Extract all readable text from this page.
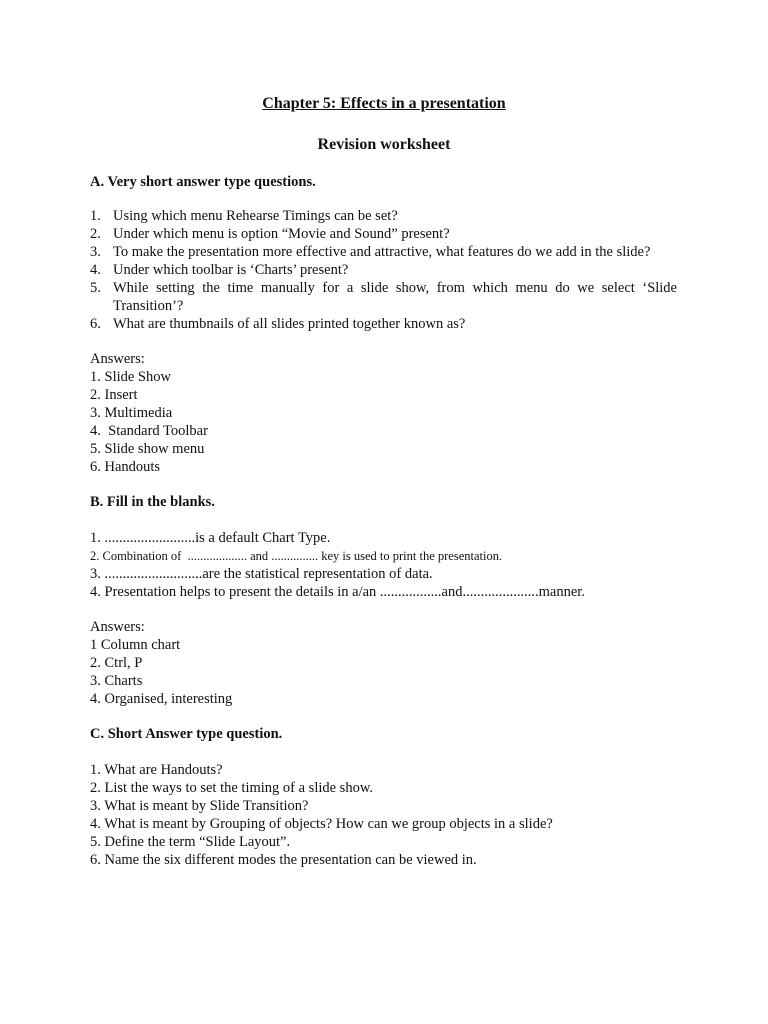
Chapter 5: Effects in a presentation
Revision worksheet
A. Very short answer type questions.
1. Using which menu Rehearse Timings can be set?
2. Under which menu is option “Movie and Sound” present?
3. To make the presentation more effective and attractive, what features do we add in the slide?
4. Under which toolbar is ‘Charts’ present?
5. While setting the time manually for a slide show, from which menu do we select ‘Slide
Transition’?
6. What are thumbnails of all slides printed together known as?
Answers:
1. Slide Show
2. Insert
3. Multimedia
4.  Standard Toolbar
5. Slide show menu
6. Handouts
B. Fill in the blanks.
1. .........................is a default Chart Type.
2. Combination of  ................... and ............... key is used to print the presentation.
3. ...........................are the statistical representation of data.
4. Presentation helps to present the details in a/an .................and.....................manner.
Answers:
1 Column chart
2. Ctrl, P
3. Charts
4. Organised, interesting
C. Short Answer type question.
1. What are Handouts?
2. List the ways to set the timing of a slide show.
3. What is meant by Slide Transition?
4. What is meant by Grouping of objects? How can we group objects in a slide?
5. Define the term “Slide Layout”.
6. Name the six different modes the presentation can be viewed in.
